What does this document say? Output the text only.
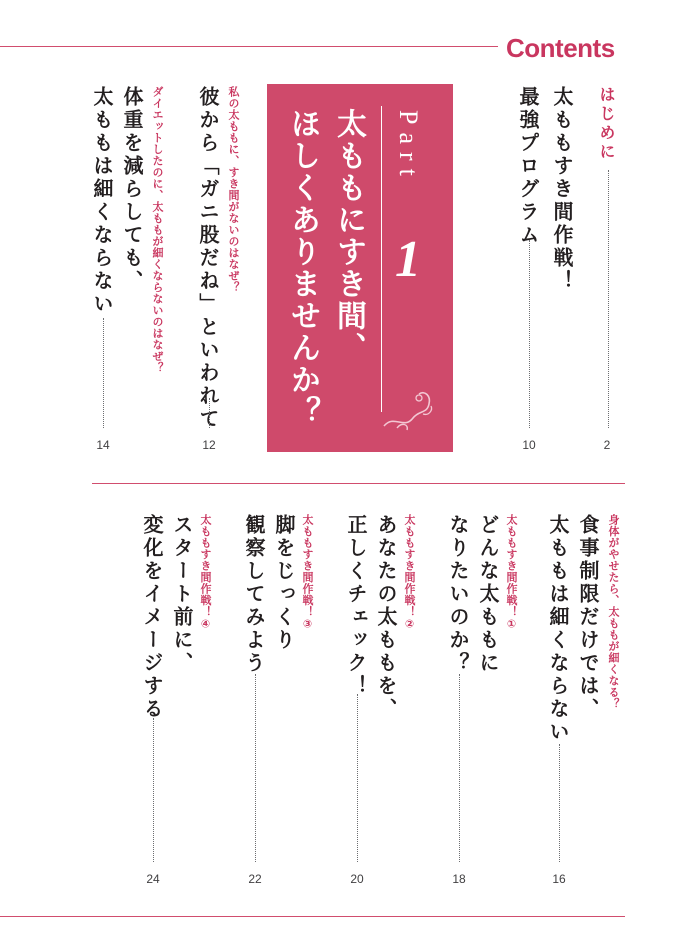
Contents
はじめに
2
太ももすき間作戦！
最強プログラム
10
Part
1
太ももにすき間、
ほしくありませんか？
私の太ももに、すき間がないのはなぜ？
彼から「ガニ股だね」といわれて
12
ダイエットしたのに、太ももが細くならないのはなぜ？
体重を減らしても、
太ももは細くならない
14
身体がやせたら、太ももが細くなる？
食事制限だけでは、
太ももは細くならない
16
太ももすき間作戦！①
どんな太ももに
なりたいのか？
18
太ももすき間作戦！②
あなたの太ももを、
正しくチェック！
20
太ももすき間作戦！③
脚をじっくり
観察してみよう
22
太ももすき間作戦！④
スタート前に、
変化をイメージする
24
